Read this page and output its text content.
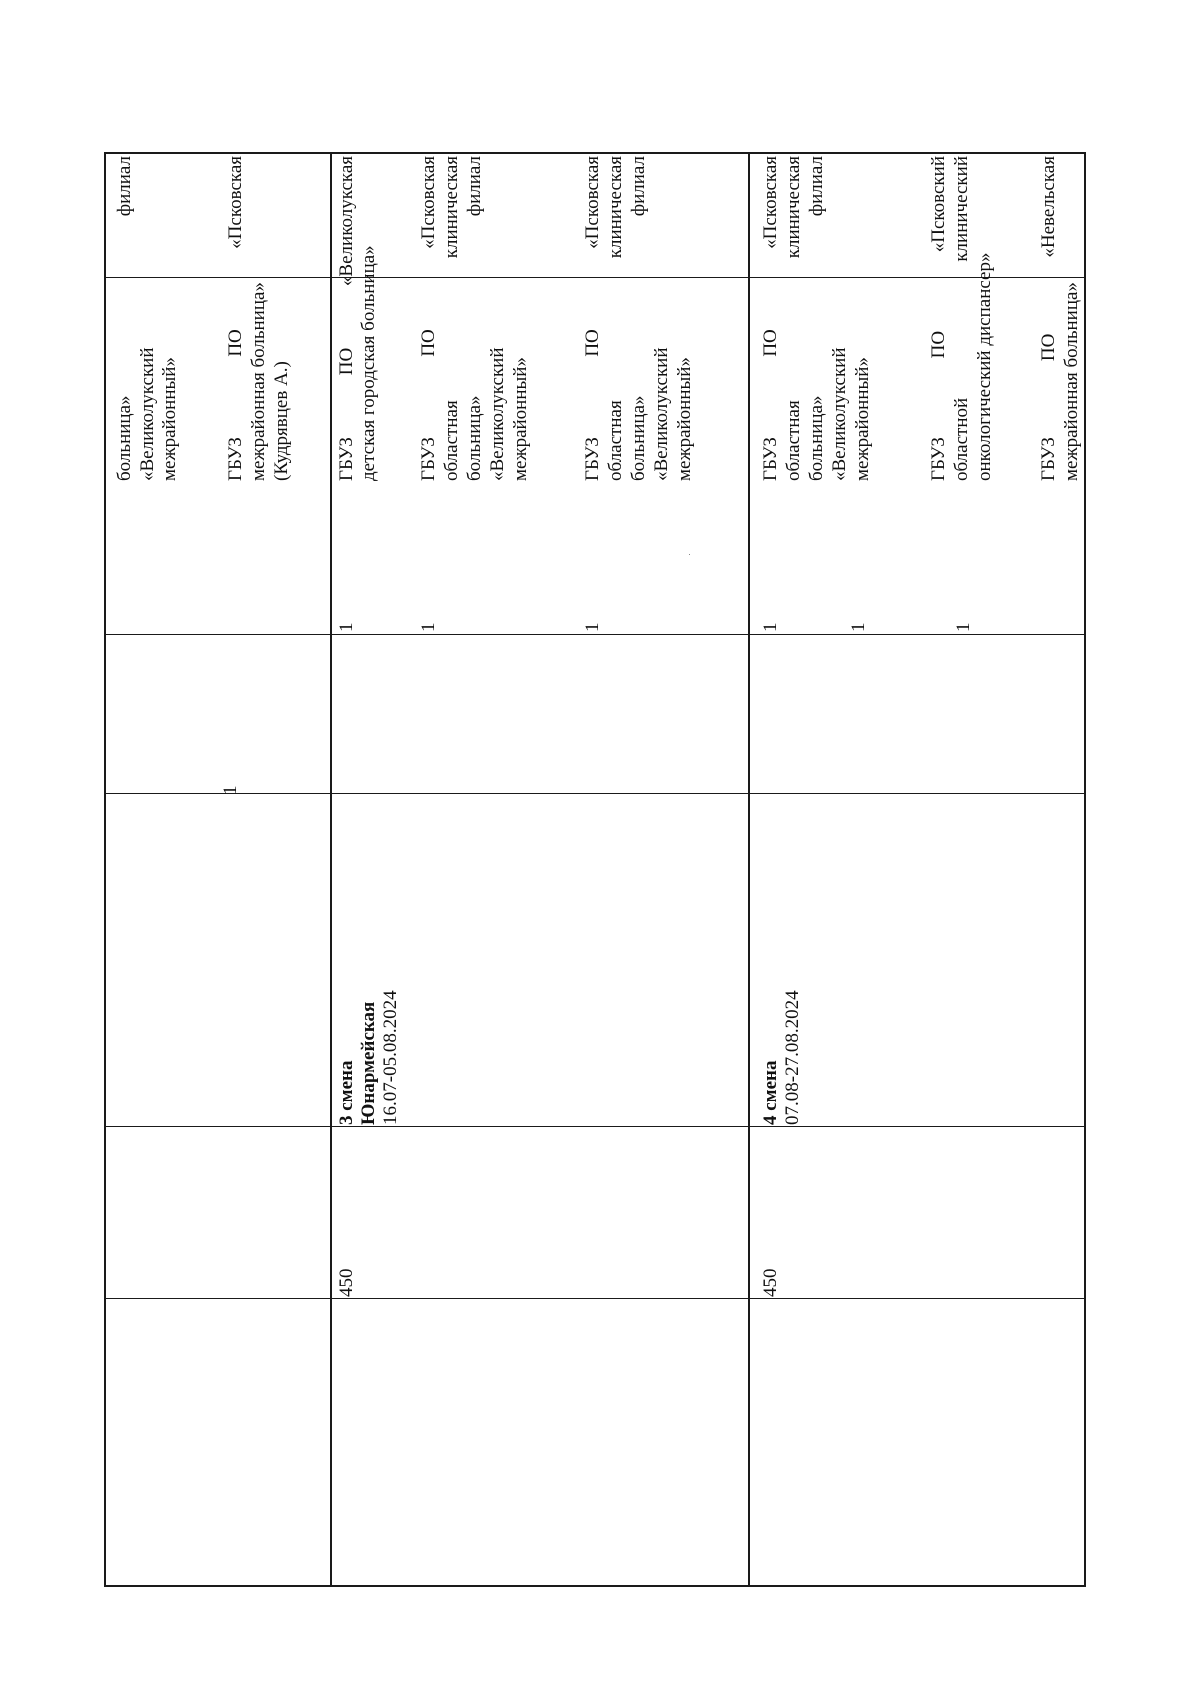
больница» филиал «Великолукский межрайонный» ГБУЗ ПО «Псковская межрайонная больница» (Кудрявцев А.)
1
3 смена Юнармейская 16.07-05.08.2024
450
1
ГБУЗ ПО «Великолукская детская городская больница»
1
ГБУЗ ПО «Псковская областная клиническая больница» филиал «Великолукский межрайонный»
1
ГБУЗ ПО «Псковская областная клиническая больница» филиал «Великолукский межрайонный»
4 смена 07.08-27.08.2024
450
1
ГБУЗ ПО «Псковская областная клиническая больница» филиал «Великолукский межрайонный»
1
ГБУЗ ПО «Псковский областной клинический онкологический диспансер»
1
ГБУЗ ПО «Невельская межрайонная больница»
